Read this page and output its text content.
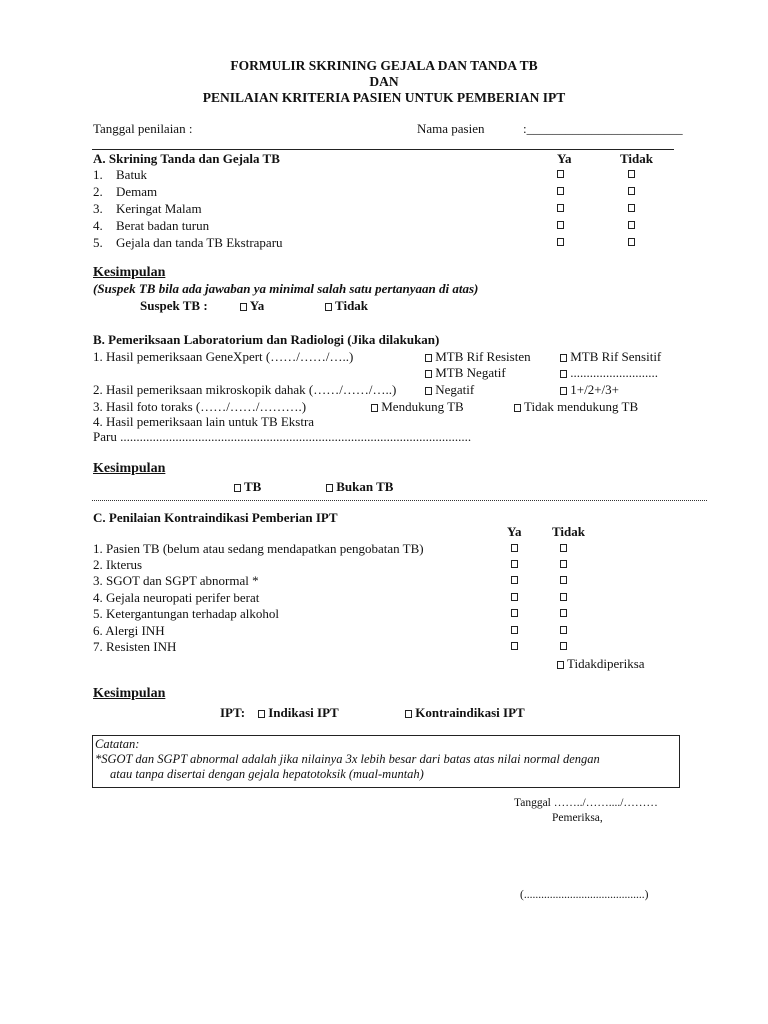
FORMULIR SKRINING GEJALA DAN TANDA TB
DAN
PENILAIAN KRITERIA PASIEN UNTUK PEMBERIAN IPT
Tanggal penilaian :	Nama pasien	:________________________
A. Skrining Tanda dan Gejala TB	Ya	Tidak
1. Batuk
2. Demam
3. Keringat Malam
4. Berat badan turun
5. Gejala dan tanda TB Ekstraparu
Kesimpulan
(Suspek TB bila ada jawaban ya minimal salah satu pertanyaan di atas)
Suspek TB :	Ya	Tidak
B. Pemeriksaan Laboratorium dan Radiologi (Jika dilakukan)
1. Hasil pemeriksaan GeneXpert (……/……/…..)	MTB Rif Resisten	MTB Rif Sensitif
MTB Negatif	...........................
2. Hasil pemeriksaan mikroskopik dahak (……/……/…..)	Negatif	1+/2+/3+
3. Hasil foto toraks (……/……/……….)	Mendukung TB	Tidak mendukung TB
4. Hasil pemeriksaan lain untuk TB Ekstra
Paru ............................................................................................................
Kesimpulan
TB	Bukan TB
C. Penilaian Kontraindikasi Pemberian IPT
Ya Tidak
1. Pasien TB (belum atau sedang mendapatkan pengobatan TB)
2. Ikterus
3. SGOT dan SGPT abnormal *
4. Gejala neuropati perifer berat
5. Ketergantungan terhadap alkohol
6. Alergi INH
7. Resisten INH
Tidakdiperiksa
Kesimpulan
IPT:	Indikasi IPT	Kontraindikasi IPT
Catatan:
*SGOT dan SGPT abnormal adalah jika nilainya 3x lebih besar dari batas atas nilai normal dengan
atau tanpa disertai dengan gejala hepatotoksik (mual-muntah)
Tanggal ……../……..../………
Pemeriksa,
(..........................................)
